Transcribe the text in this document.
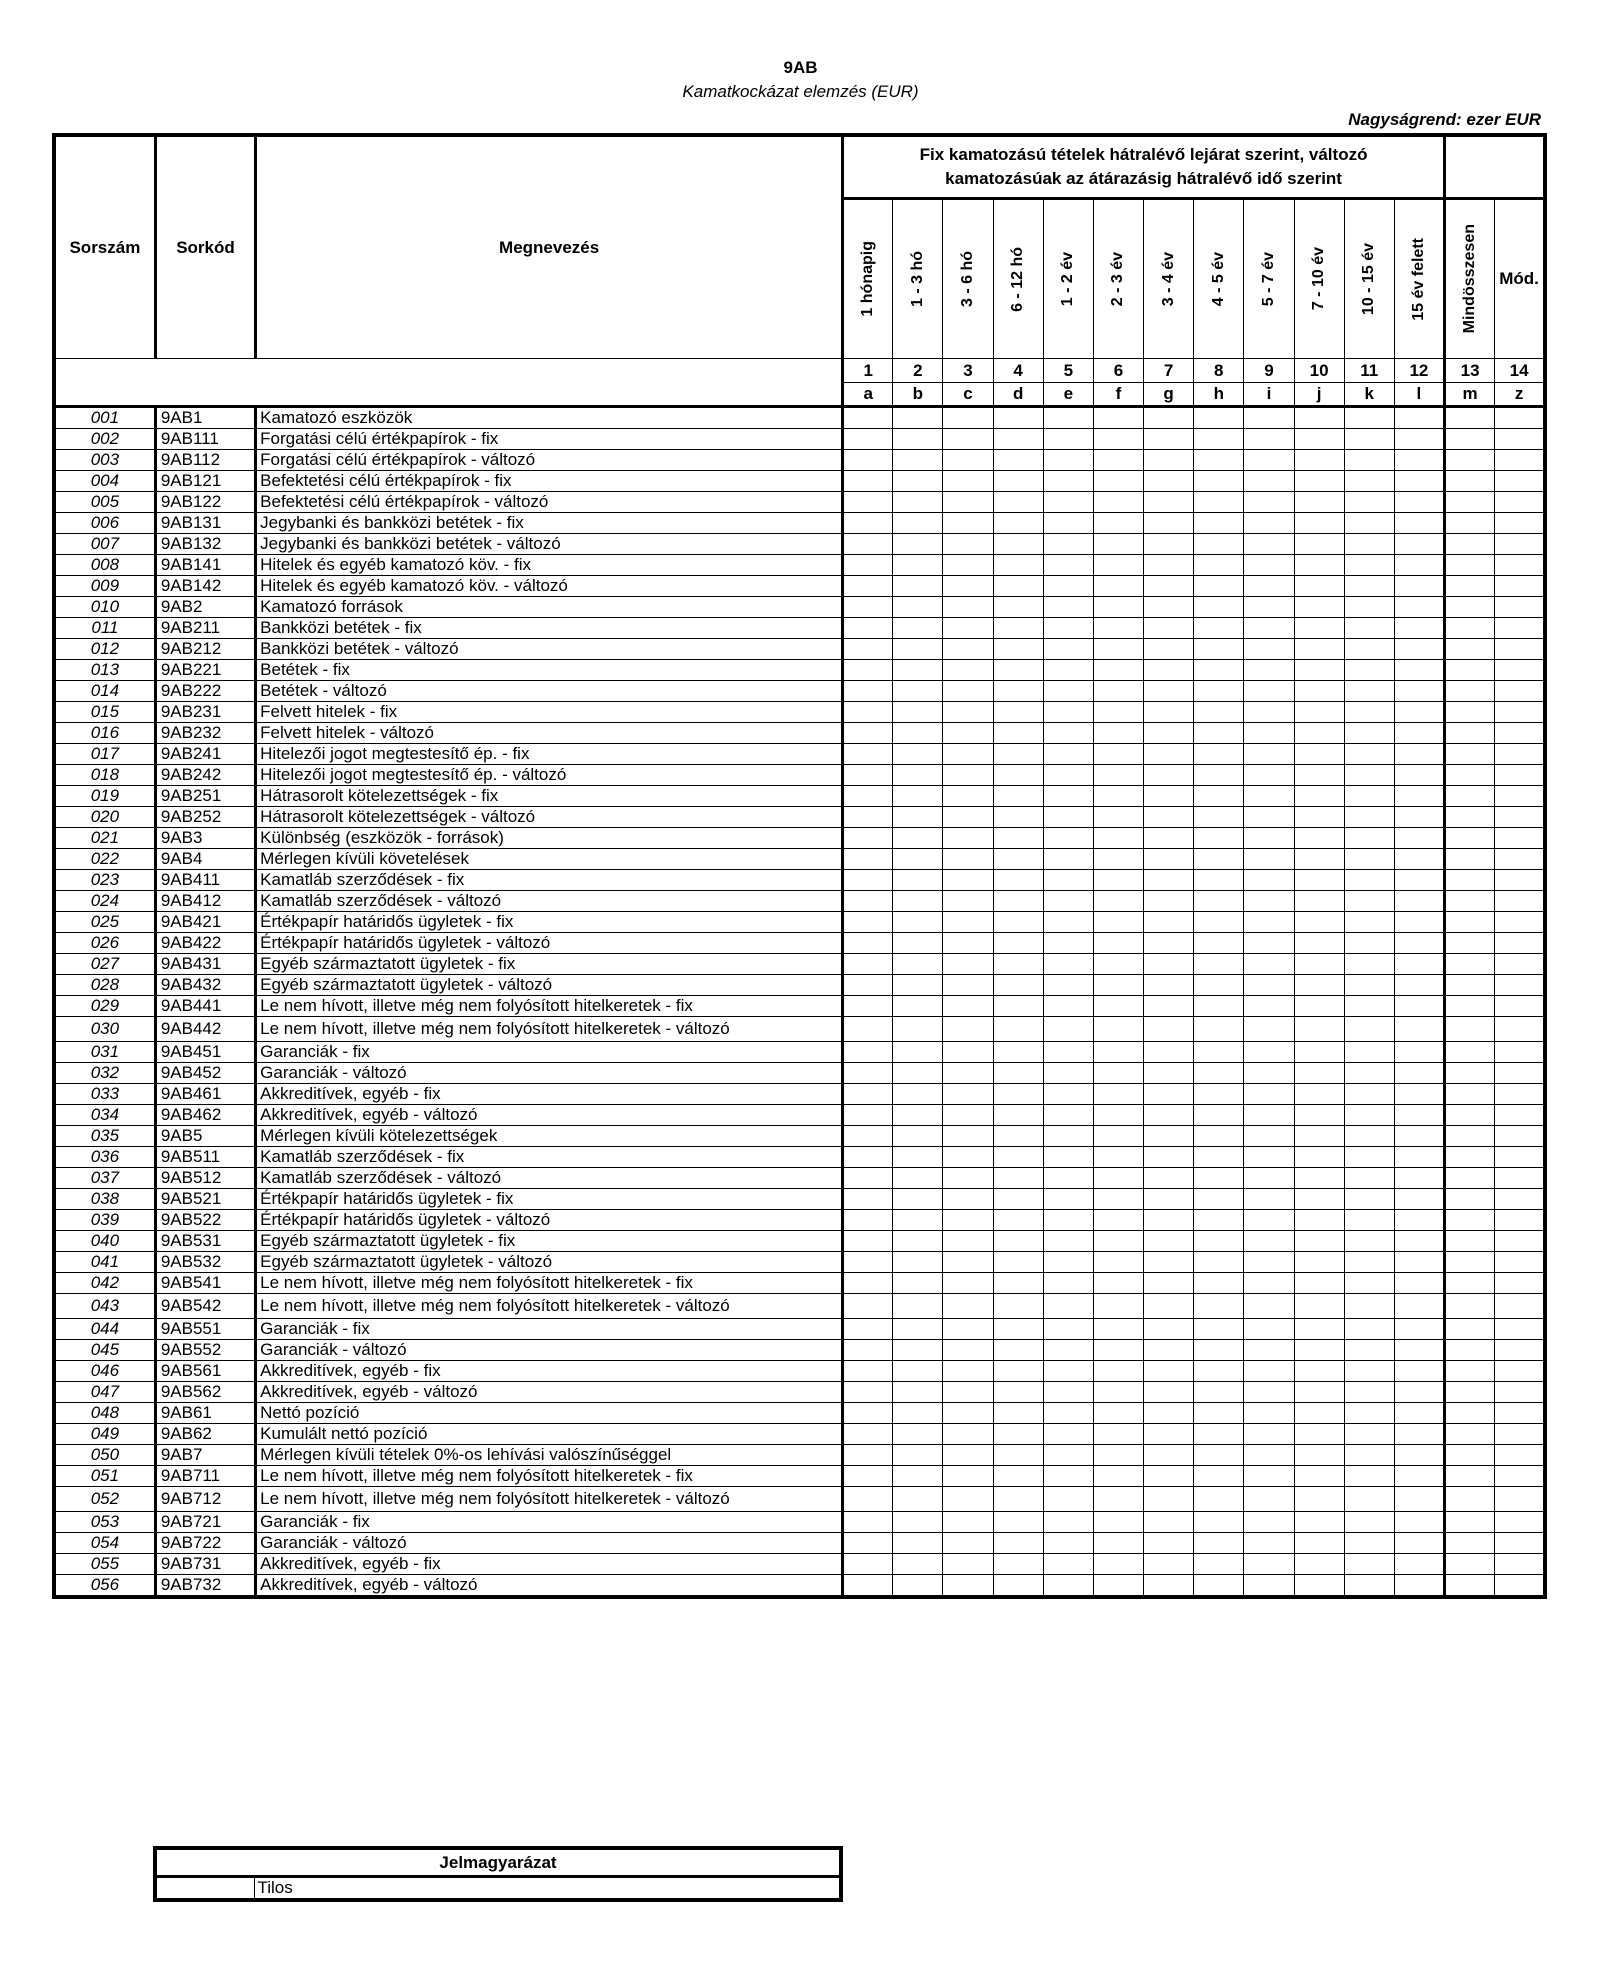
9AB
Kamatkockázat elemzés (EUR)
Nagyságrend: ezer EUR
Sorszám	Sorkód	Megnevezés	Fix kamatozású tételek hátralévő lejárat szerint, változó kamatozásúak az átárazásig hátralévő idő szerint													

			1 hónapig	1 - 3 hó	3 - 6 hó	6 - 12 hó	1 - 2 év	2 - 3 év	3 - 4 év	4 - 5 év	5 - 7 év	7 - 10 év	10 - 15 év	15 év felett	Mindösszesen	Mód.
			1	2	3	4	5	6	7	8	9	10	11	12	13	14
			a	b	c	d	e	f	g	h	i	j	k	l	m	z
001	9AB1	Kamatozó eszközök														
002	9AB111	Forgatási célú értékpapírok - fix														
003	9AB112	Forgatási célú értékpapírok - változó														
004	9AB121	Befektetési célú értékpapírok - fix														
005	9AB122	Befektetési célú értékpapírok - változó														
006	9AB131	Jegybanki és bankközi betétek - fix														
007	9AB132	Jegybanki és bankközi betétek - változó														
008	9AB141	Hitelek és egyéb kamatozó köv. - fix														
009	9AB142	Hitelek és egyéb kamatozó köv. - változó														
010	9AB2	Kamatozó források														
011	9AB211	Bankközi betétek - fix														
012	9AB212	Bankközi betétek - változó														
013	9AB221	Betétek - fix														
014	9AB222	Betétek - változó														
015	9AB231	Felvett hitelek - fix														
016	9AB232	Felvett hitelek - változó														
017	9AB241	Hitelezői jogot megtestesítő ép. - fix														
018	9AB242	Hitelezői jogot megtestesítő ép. - változó														
019	9AB251	Hátrasorolt kötelezettségek - fix														
020	9AB252	Hátrasorolt kötelezettségek - változó														
021	9AB3	Különbség (eszközök - források)														
022	9AB4	Mérlegen kívüli követelések														
023	9AB411	Kamatláb szerződések - fix														
024	9AB412	Kamatláb szerződések - változó														
025	9AB421	Értékpapír határidős ügyletek - fix														
026	9AB422	Értékpapír határidős ügyletek - változó														
027	9AB431	Egyéb származtatott ügyletek - fix														
028	9AB432	Egyéb származtatott ügyletek - változó														
029	9AB441	Le nem hívott, illetve még nem folyósított hitelkeretek - fix														
030	9AB442	Le nem hívott, illetve még nem folyósított hitelkeretek - változó														
031	9AB451	Garanciák - fix														
032	9AB452	Garanciák - változó														
033	9AB461	Akkreditívek, egyéb - fix														
034	9AB462	Akkreditívek, egyéb - változó														
035	9AB5	Mérlegen kívüli kötelezettségek														
036	9AB511	Kamatláb szerződések - fix														
037	9AB512	Kamatláb szerződések - változó														
038	9AB521	Értékpapír határidős ügyletek - fix														
039	9AB522	Értékpapír határidős ügyletek - változó														
040	9AB531	Egyéb származtatott ügyletek - fix														
041	9AB532	Egyéb származtatott ügyletek - változó														
042	9AB541	Le nem hívott, illetve még nem folyósított hitelkeretek - fix														
043	9AB542	Le nem hívott, illetve még nem folyósított hitelkeretek - változó														
044	9AB551	Garanciák - fix														
045	9AB552	Garanciák - változó														
046	9AB561	Akkreditívek, egyéb - fix														
047	9AB562	Akkreditívek, egyéb - változó														
048	9AB61	Nettó pozíció														
049	9AB62	Kumulált nettó pozíció														
050	9AB7	Mérlegen kívüli tételek 0%-os lehívási valószínűséggel														
051	9AB711	Le nem hívott, illetve még nem folyósított hitelkeretek - fix														
052	9AB712	Le nem hívott, illetve még nem folyósított hitelkeretek - változó														
053	9AB721	Garanciák - fix														
054	9AB722	Garanciák - változó														
055	9AB731	Akkreditívek, egyéb - fix														
056	9AB732	Akkreditívek, egyéb - változó														
Jelmagyarázat
	Tilos
